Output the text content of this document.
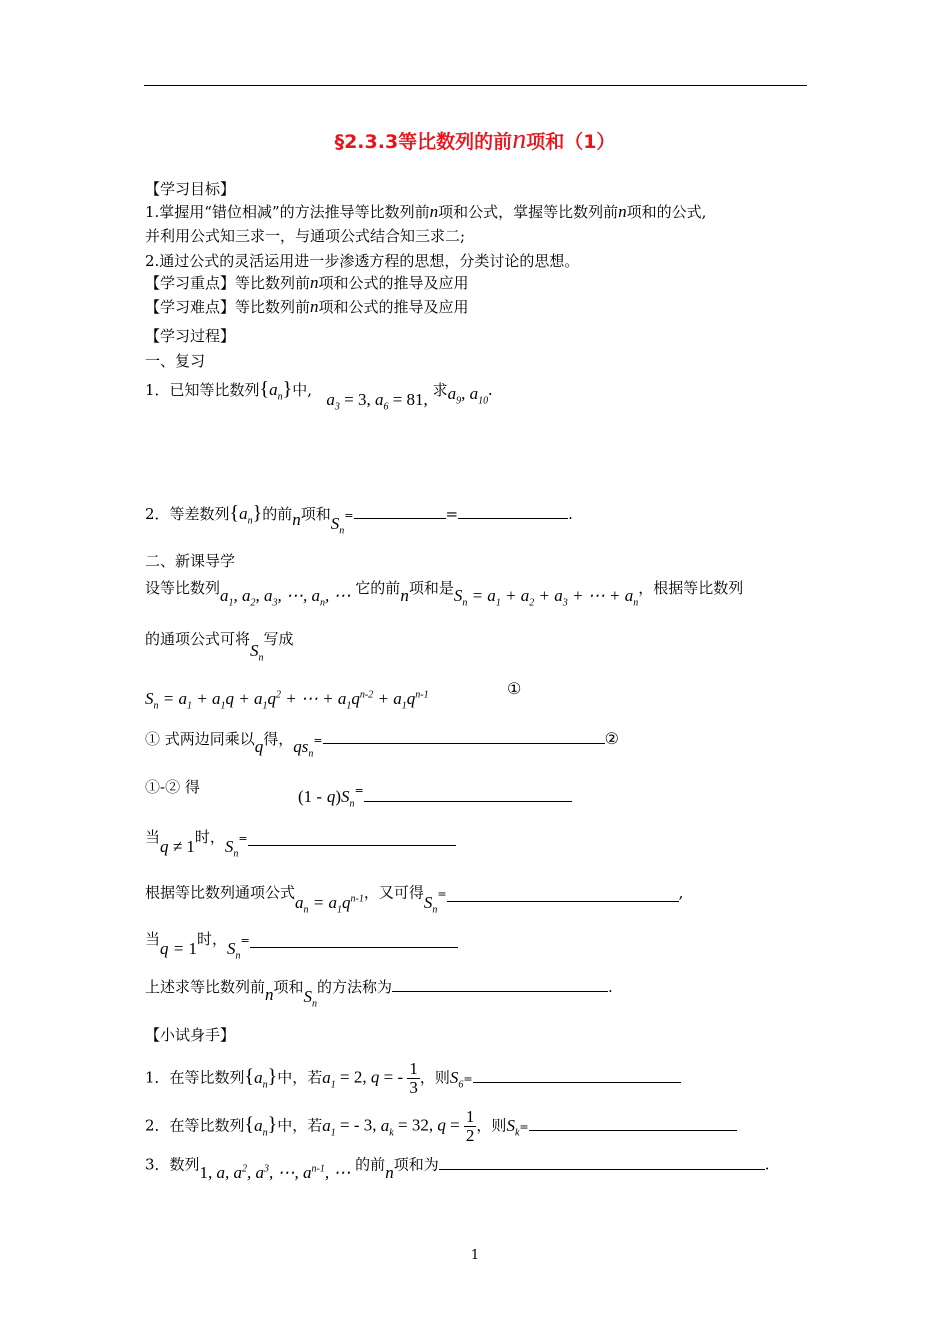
§2.3.3等比数列的前n项和（1）
【学习目标】
1.掌握用“错位相减”的方法推导等比数列前n项和公式，掌握等比数列前n项和的公式,
并利用公式知三求一，与通项公式结合知三求二;
2.通过公式的灵活运用进一步渗透方程的思想，分类讨论的思想。
【学习重点】等比数列前n项和公式的推导及应用
【学习难点】等比数列前n项和公式的推导及应用
【学习过程】
一、复习
1．已知等比数列$\{a_n\}$中, $a_3 = 3$, $a_6 = 81$, 求$a_9$, $a_{10}$.
2．等差数列$\{a_n\}$的前n项和$S_n=$	=	.
二、新课导学
设等比数列$a_1$, $a_2$, $a_3$, ⋯, $a_n$, ⋯ 它的前n项和是$S_n = a_1 + a_2 + a_3$ + ⋯ + $a_n$，根据等比数列
的通项公式可将$S_n$写成
$S_n = a_1 + a_1q + a_1q^2$ + ⋯ + $a_1q^{n-2} + a_1q^{n-1}$	①
① 式两边同乘以q得，$qs_n=$	②
①-② 得	$(1 - q)S_n^=$
当q ≠ 1时，$S_n=$
根据等比数列通项公式$a_n = a_1q^{n-1}$，又可得$S_n=$	,
当q = 1时，$S_n=$
上述求等比数列前n项和$S_n$的方法称为	.
【小试身手】
1．在等比数列$\{a_n\}$中，若$a_1 = 2$, q = - $\frac{1}{3}$ ，则$S_6=$
2．在等比数列$\{a_n\}$中，若$a_1$ = - 3, $a_k = 32$, $q = \frac{1}{2}$ ，则$S_k=$
3．数列1, a, $a^2$, $a^3$, ⋯, $a^{n-1}$, ⋯ 的前n项和为	.
1
